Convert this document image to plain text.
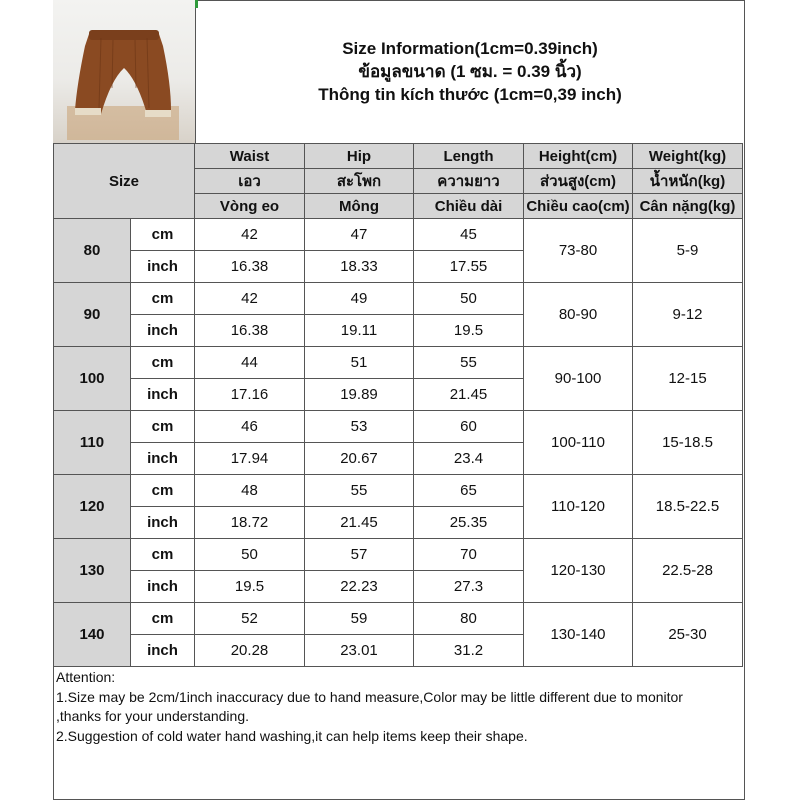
Size Information(1cm=0.39inch)
ข้อมูลขนาด (1 ซม. = 0.39 นิ้ว)
Thông tin kích thước (1cm=0,39 inch)
Size		Waist	Hip	Length	Height(cm)	Weight(kg)
		เอว	สะโพก	ความยาว	ส่วนสูง(cm)	น้ำหนัก(kg)
		Vòng eo	Mông	Chiều dài	Chiều cao(cm)	Cân nặng(kg)
80	cm	42	47	45	73-80	5-9
	inch	16.38	18.33	17.55		
90	cm	42	49	50	80-90	9-12
	inch	16.38	19.11	19.5		
100	cm	44	51	55	90-100	12-15
	inch	17.16	19.89	21.45		
110	cm	46	53	60	100-110	15-18.5
	inch	17.94	20.67	23.4		
120	cm	48	55	65	110-120	18.5-22.5
	inch	18.72	21.45	25.35		
130	cm	50	57	70	120-130	22.5-28
	inch	19.5	22.23	27.3		
140	cm	52	59	80	130-140	25-30
	inch	20.28	23.01	31.2		
Attention:
1.Size may be 2cm/1inch inaccuracy due to hand measure,Color may be little different due to monitor
,thanks for your understanding.
2.Suggestion of cold water hand washing,it can help items keep their shape.
